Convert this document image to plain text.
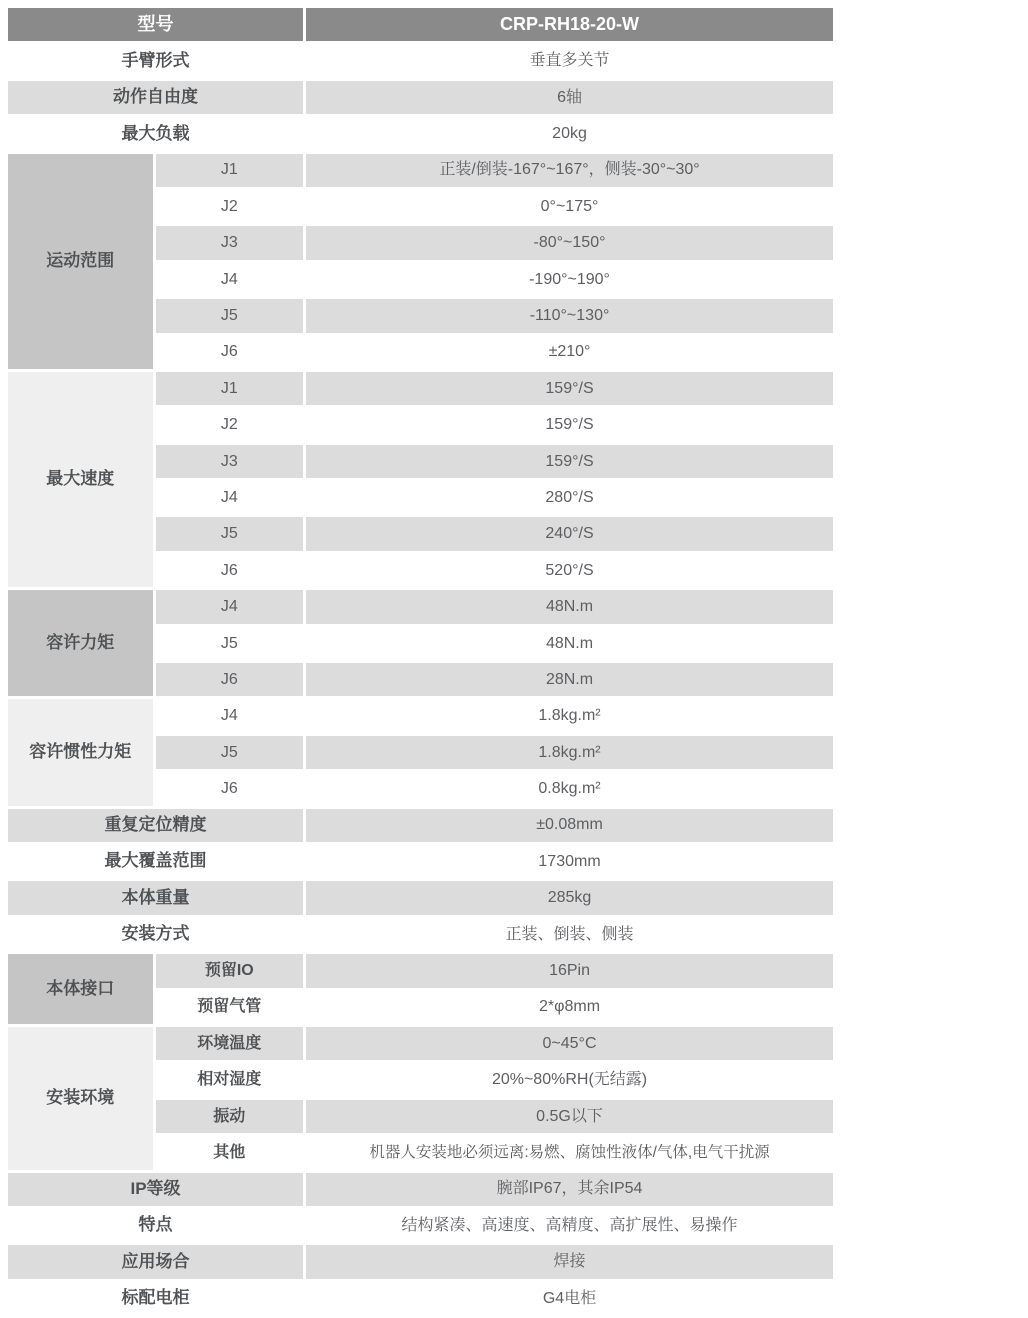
型号		CRP-RH18-20-W
手臂形式		垂直多关节
动作自由度		6轴
最大负载		20kg
运动范围	J1	正装/倒装-167°~167°，侧装-30°~30°
	J2	0°~175°
	J3	-80°~150°
	J4	-190°~190°
	J5	-110°~130°
	J6	±210°
最大速度	J1	159°/S
	J2	159°/S
	J3	159°/S
	J4	280°/S
	J5	240°/S
	J6	520°/S
容许力矩	J4	48N.m
	J5	48N.m
	J6	28N.m
容许惯性力矩	J4	1.8kg.m²
	J5	1.8kg.m²
	J6	0.8kg.m²
重复定位精度		±0.08mm
最大覆盖范围		1730mm
本体重量		285kg
安装方式		正装、倒装、侧装
本体接口	预留IO	16Pin
	预留气管	2*φ8mm
安装环境	环境温度	0~45°C
	相对湿度	20%~80%RH(无结露)
	振动	0.5G以下
	其他	机器人安装地必须远离:易燃、腐蚀性液体/气体,电气干扰源
IP等级		腕部IP67，其余IP54
特点		结构紧凑、高速度、高精度、高扩展性、易操作
应用场合		焊接
标配电柜		G4电柜
